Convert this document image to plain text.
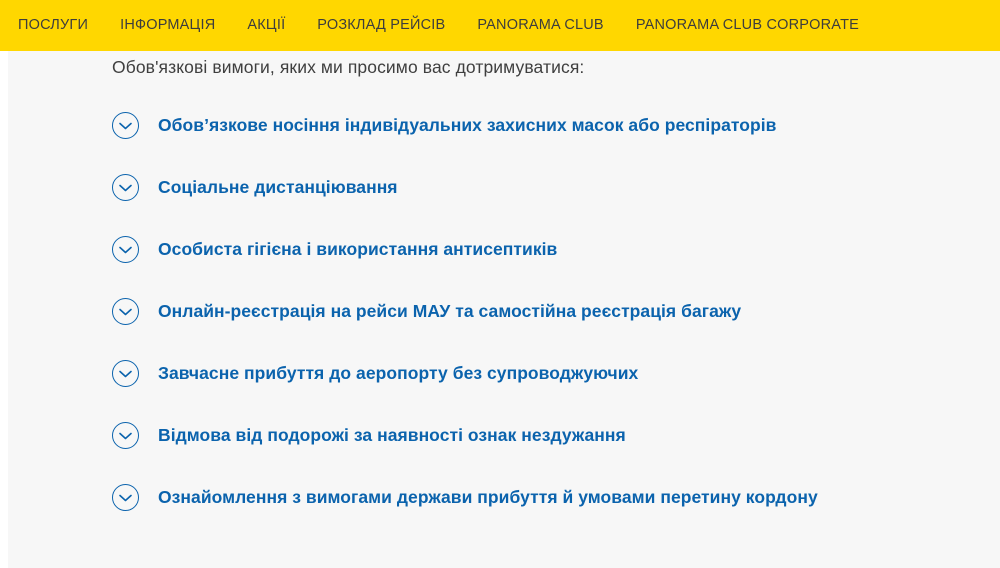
ПОСЛУГИ	ІНФОРМАЦІЯ	АКЦІЇ	РОЗКЛАД РЕЙСІВ	PANORAMA CLUB	PANORAMA CLUB CORPORATE
Обов'язкові вимоги, яких ми просимо вас дотримуватися:
Обов’язкове носіння індивідуальних захисних масок або респіраторів
Соціальне дистанціювання
Особиста гігієна і використання антисептиків
Онлайн-реєстрація на рейси МАУ та самостійна реєстрація багажу
Завчасне прибуття до аеропорту без супроводжуючих
Відмова від подорожі за наявності ознак нездужання
Ознайомлення з вимогами держави прибуття й умовами перетину кордону
